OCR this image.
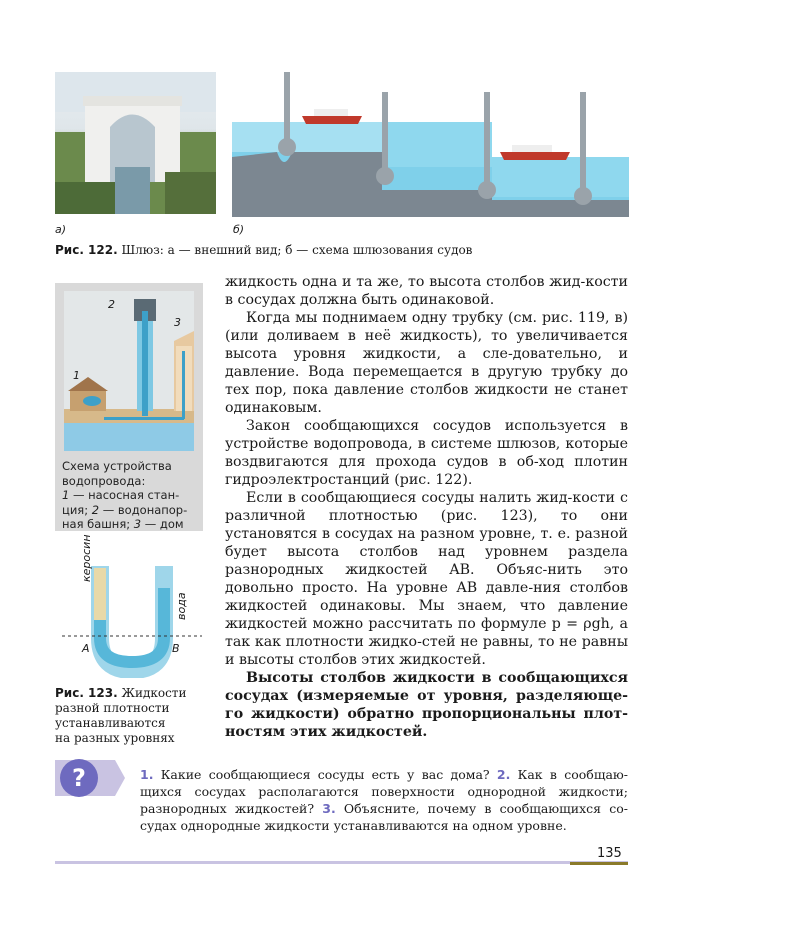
а)	б)
Рис. 122. Шлюз: а — внешний вид; б — схема шлюзования судов
2
3
1
Схема устройства
водопровода:
1 — насосная стан-
ция; 2 — водонапор-
ная башня; 3 — дом
керосин
вода
A	B
Рис. 123. Жидкости
разной плотности
устанавливаются
на разных уровнях

жидкость одна и та же, то высота столбов жид-кости в сосудах должна быть одинаковой.

Когда мы поднимаем одну трубку (см. рис. 119, в) (или доливаем в неё жидкость), то увеличивается высота уровня жидкости, а сле-довательно, и давление. Вода перемещается в другую трубку до тех пор, пока давление столбов жидкости не станет одинаковым.

Закон сообщающихся сосудов используется в устройстве водопровода, в системе шлюзов, которые воздвигаются для прохода судов в об-ход плотин гидроэлектростанций (рис. 122).

Если в сообщающиеся сосуды налить жид-кости с различной плотностью (рис. 123), то они установятся в сосудах на разном уровне, т. е. разной будет высота столбов над уровнем раздела разнородных жидкостей AB. Объяс-нить это довольно просто. На уровне AB давле-ния столбов жидкостей одинаковы. Мы знаем, что давление жидкостей можно рассчитать по формуле p = ρgh, а так как плотности жидко-стей не равны, то не равны и высоты столбов этих жидкостей.

Высоты столбов жидкости в сообщающихся сосудах (измеряемые от уровня, разделяюще-го жидкости) обратно пропорциональны плот-ностям этих жидкостей.

?	1. Какие сообщающиеся сосуды есть у вас дома? 2. Как в сообщаю-щихся сосудах располагаются поверхности однородной жидкости; разнородных жидкостей? 3. Объясните, почему в сообщающихся со-судах однородные жидкости устанавливаются на одном уровне.
135
